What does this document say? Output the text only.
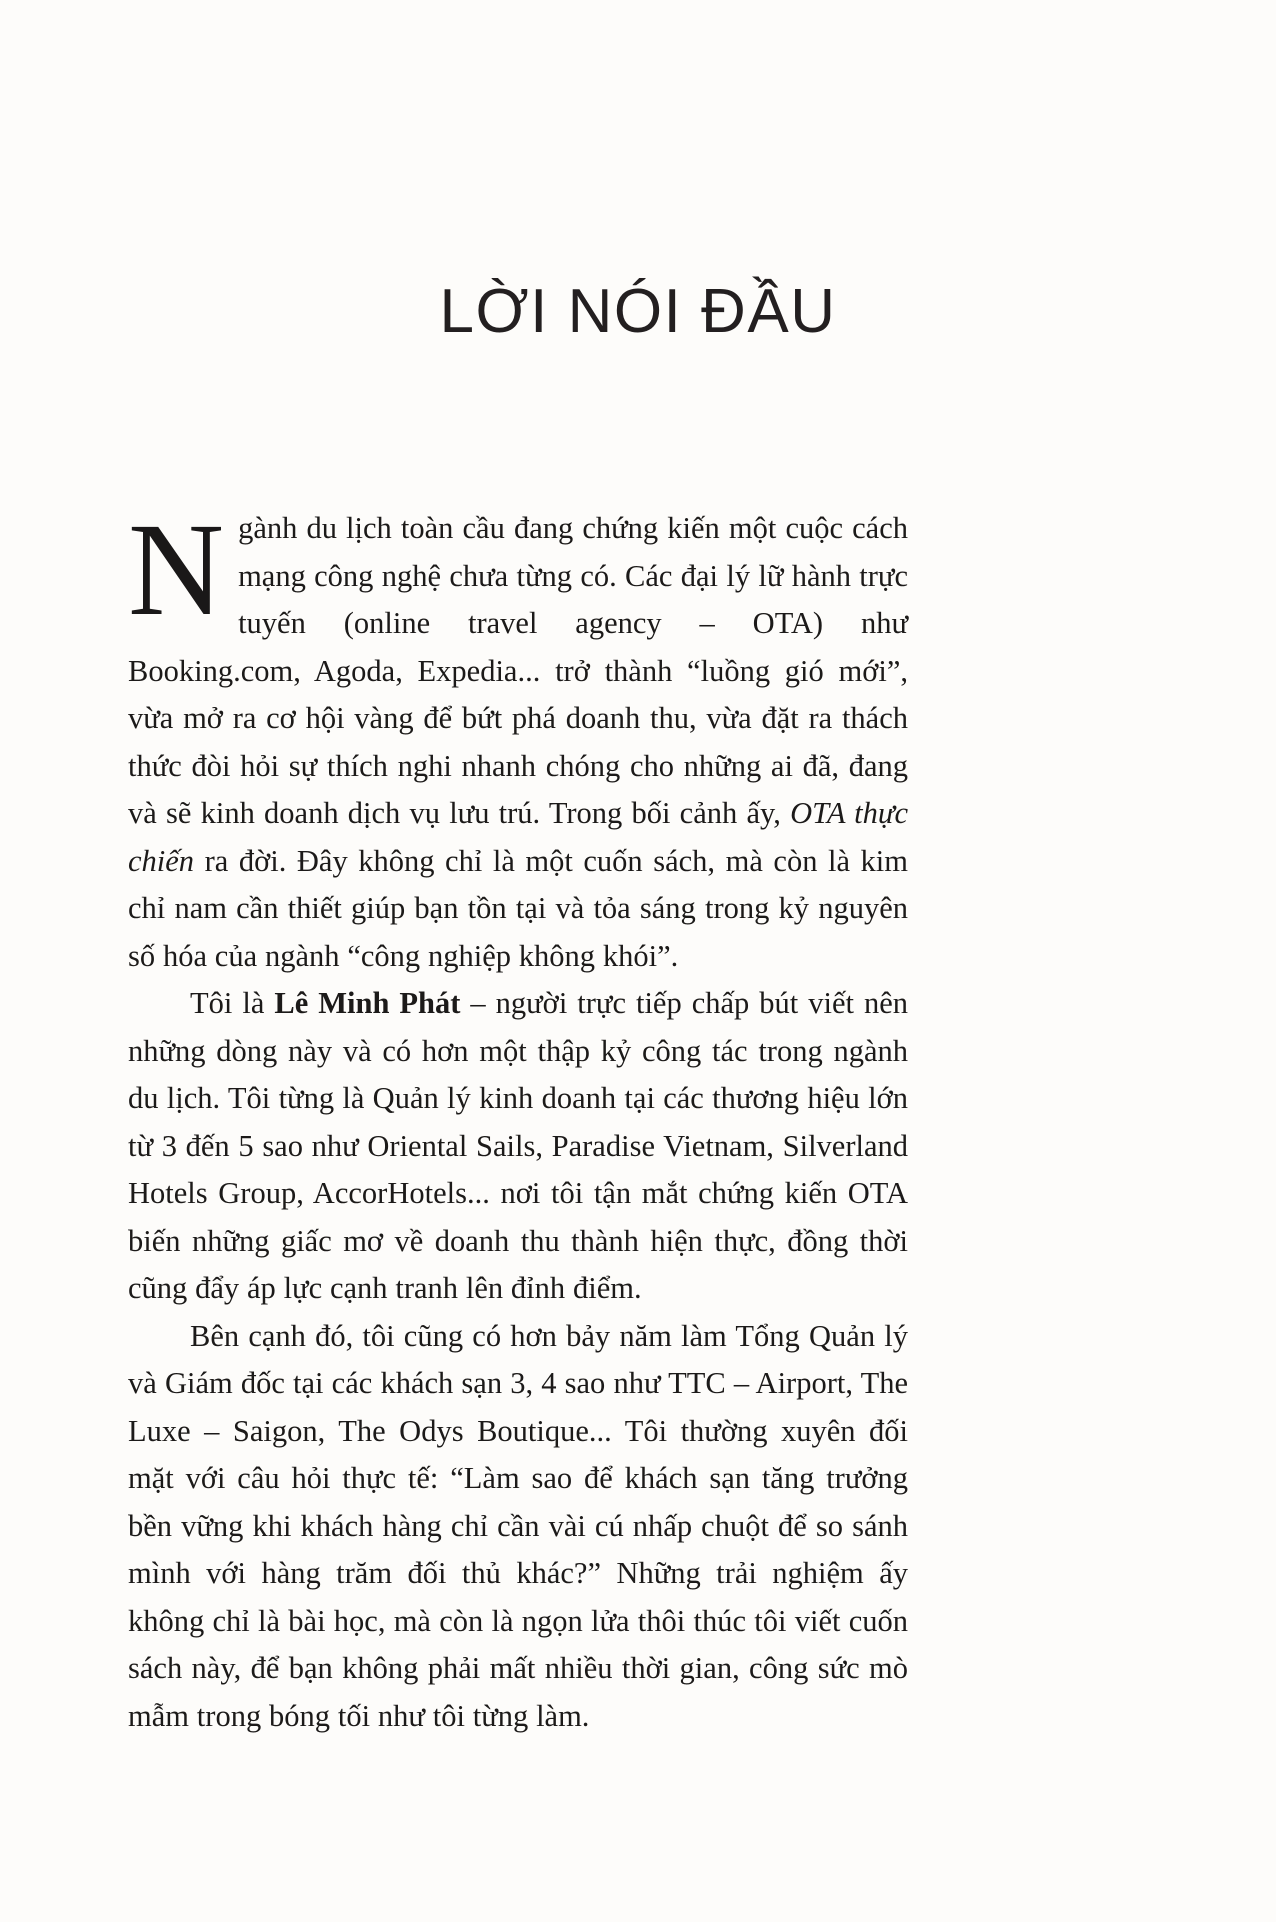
LỜI NÓI ĐẦU

Ngành du lịch toàn cầu đang chứng kiến một cuộc cách mạng công nghệ chưa từng có. Các đại lý lữ hành trực tuyến (online travel agency – OTA) như Booking.com, Agoda, Expedia... trở thành “luồng gió mới”, vừa mở ra cơ hội vàng để bứt phá doanh thu, vừa đặt ra thách thức đòi hỏi sự thích nghi nhanh chóng cho những ai đã, đang và sẽ kinh doanh dịch vụ lưu trú. Trong bối cảnh ấy, OTA thực chiến ra đời. Đây không chỉ là một cuốn sách, mà còn là kim chỉ nam cần thiết giúp bạn tồn tại và tỏa sáng trong kỷ nguyên số hóa của ngành “công nghiệp không khói”.

Tôi là Lê Minh Phát – người trực tiếp chấp bút viết nên những dòng này và có hơn một thập kỷ công tác trong ngành du lịch. Tôi từng là Quản lý kinh doanh tại các thương hiệu lớn từ 3 đến 5 sao như Oriental Sails, Paradise Vietnam, Silverland Hotels Group, AccorHotels... nơi tôi tận mắt chứng kiến OTA biến những giấc mơ về doanh thu thành hiện thực, đồng thời cũng đẩy áp lực cạnh tranh lên đỉnh điểm.

Bên cạnh đó, tôi cũng có hơn bảy năm làm Tổng Quản lý và Giám đốc tại các khách sạn 3, 4 sao như TTC – Airport, The Luxe – Saigon, The Odys Boutique... Tôi thường xuyên đối mặt với câu hỏi thực tế: “Làm sao để khách sạn tăng trưởng bền vững khi khách hàng chỉ cần vài cú nhấp chuột để so sánh mình với hàng trăm đối thủ khác?” Những trải nghiệm ấy không chỉ là bài học, mà còn là ngọn lửa thôi thúc tôi viết cuốn sách này, để bạn không phải mất nhiều thời gian, công sức mò mẫm trong bóng tối như tôi từng làm.
